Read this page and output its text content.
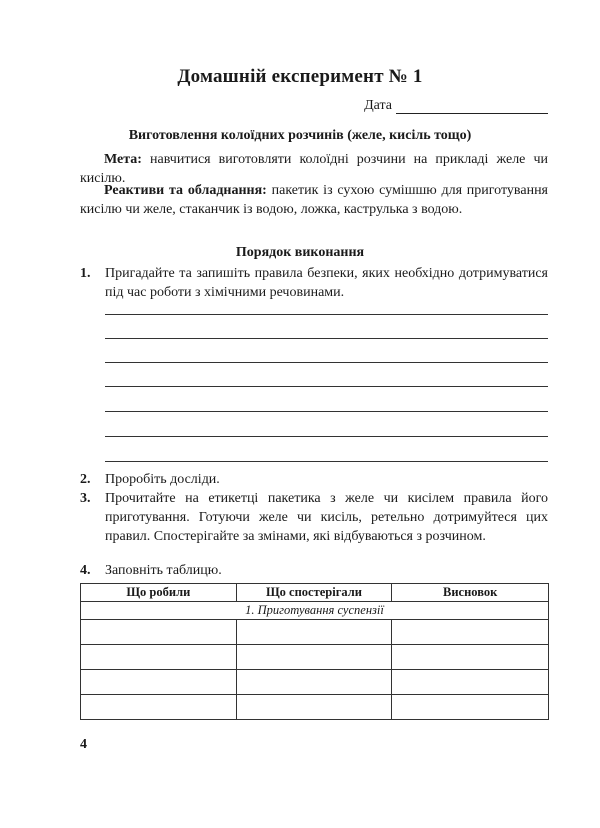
Домашній експеримент № 1
Дата
Виготовлення колоїдних розчинів (желе, кисіль тощо)
Мета: навчитися виготовляти колоїдні розчини на прикладі желе чи кисілю.
Реактиви та обладнання: пакетик із сухою сумішшю для приготування кисілю чи желе, стаканчик із водою, ложка, каструлька з водою.
Порядок виконання
1. Пригадайте та запишіть правила безпеки, яких необхідно дотримуватися під час роботи з хімічними речовинами.
2. Проробіть досліди.
3. Прочитайте на етикетці пакетика з желе чи кисілем правила його приготування. Готуючи желе чи кисіль, ретельно дотримуйтеся цих правил. Спостерігайте за змінами, які відбуваються з розчином.
4. Заповніть таблицю.
Що робили	Що спостерігали	Висновок
1. Приготування суспензії		

4
